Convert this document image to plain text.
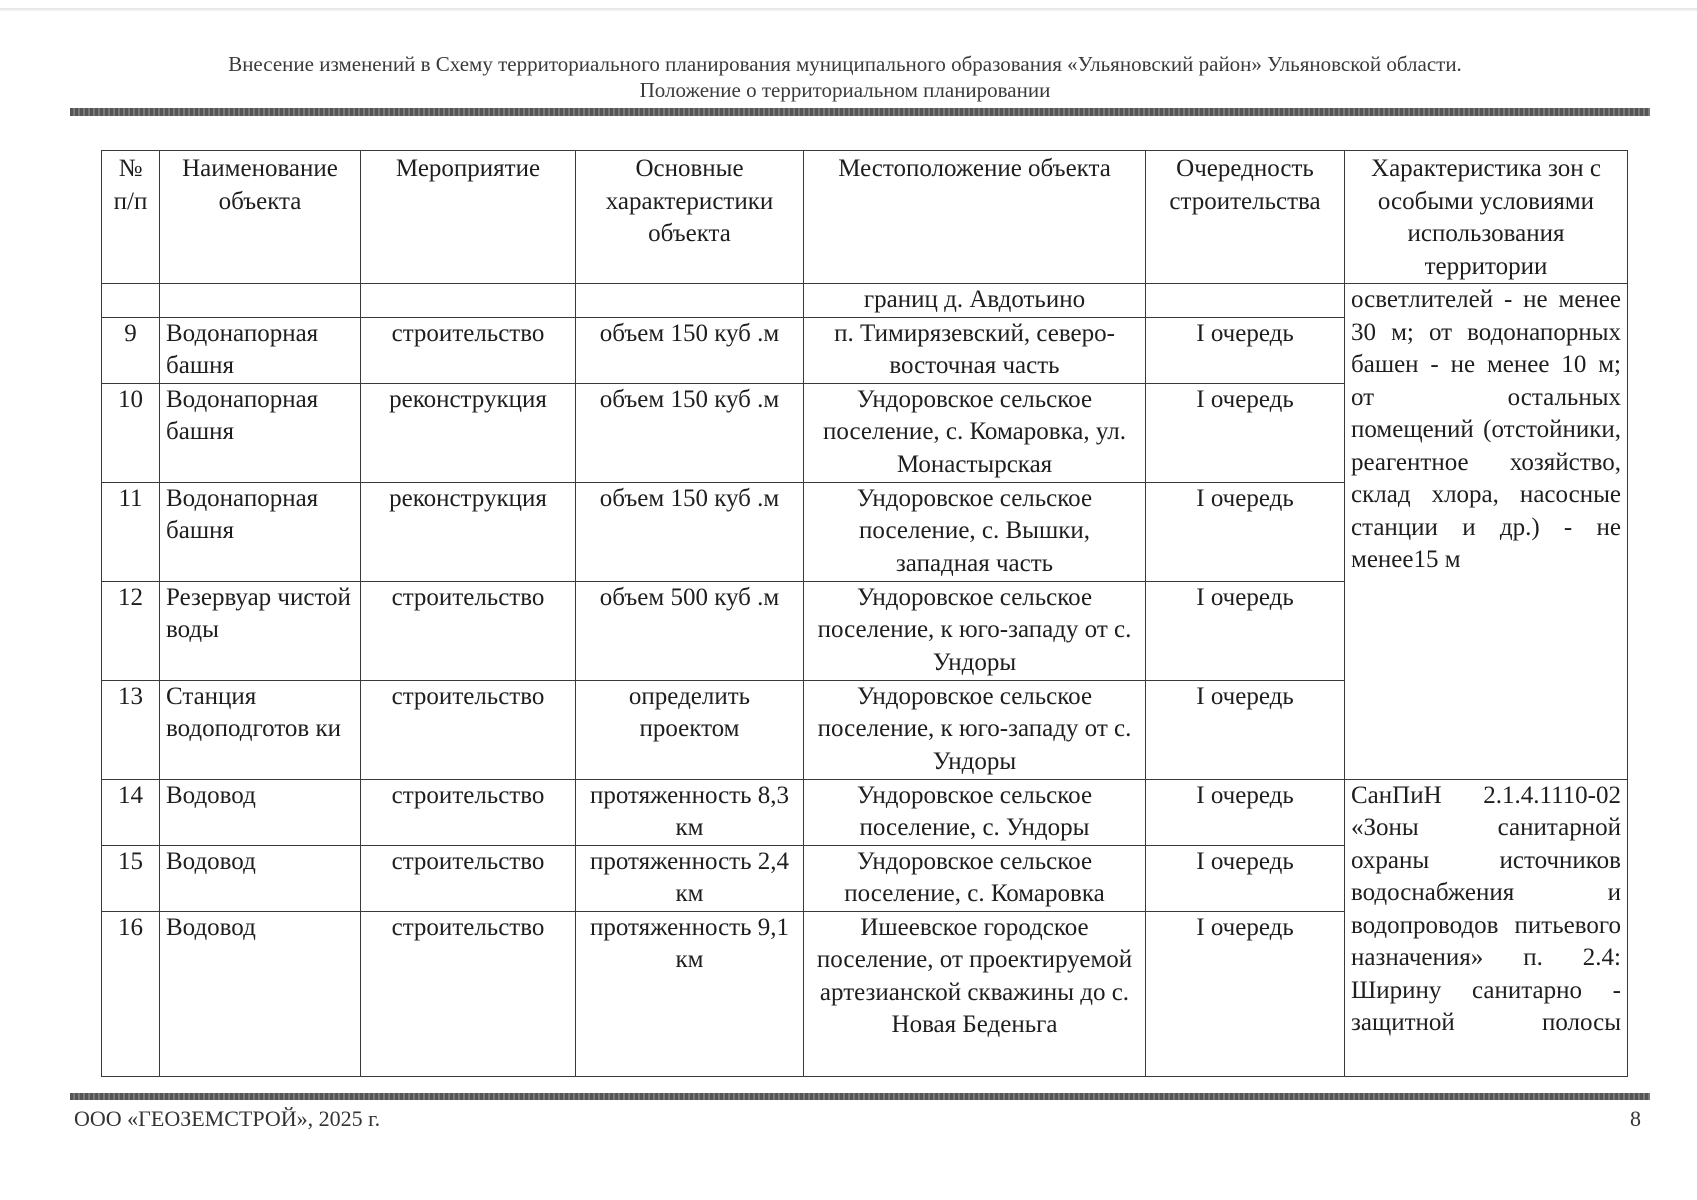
Внесение изменений в Схему территориального планирования муниципального образования «Ульяновский район» Ульяновской области.
Положение о территориальном планировании
№ п/п	Наименование объекта	Мероприятие	Основные характеристики объекта	Местоположение объекта	Очередность строительства	Характеристика зон с особыми условиями использования территории
				границ д. Авдотьино		осветлителей - не менее 30 м; от водонапорных башен - не менее 10 м; от остальных помещений (отстойники, реагентное хозяйство, склад хлора, насосные станции и др.) - не менее15 м
9	Водонапорная башня	строительство	объем 150 куб .м	п. Тимирязевский, северо-восточная часть	I очередь	
10	Водонапорная башня	реконструкция	объем 150 куб .м	Ундоровское сельское поселение, с. Комаровка, ул. Монастырская	I очередь	
11	Водонапорная башня	реконструкция	объем 150 куб .м	Ундоровское сельское поселение, с. Вышки, западная часть	I очередь	
12	Резервуар чистой воды	строительство	объем 500 куб .м	Ундоровское сельское поселение, к юго-западу от с. Ундоры	I очередь	
13	Станция водоподготов ки	строительство	определить проектом	Ундоровское сельское поселение, к юго-западу от с. Ундоры	I очередь	
14	Водовод	строительство	протяженность 8,3 км	Ундоровское сельское поселение, с. Ундоры	I очередь	СанПиН 2.1.4.1110-02 «Зоны санитарной охраны источников водоснабжения и водопроводов питьевого назначения» п. 2.4: Ширину санитарно - защитной полосы
15	Водовод	строительство	протяженность 2,4 км	Ундоровское сельское поселение, с. Комаровка	I очередь	
16	Водовод	строительство	протяженность 9,1 км	Ишеевское городское поселение, от проектируемой артезианской скважины до с. Новая Беденьга	I очередь	
ООО «ГЕОЗЕМСТРОЙ», 2025 г.	8
